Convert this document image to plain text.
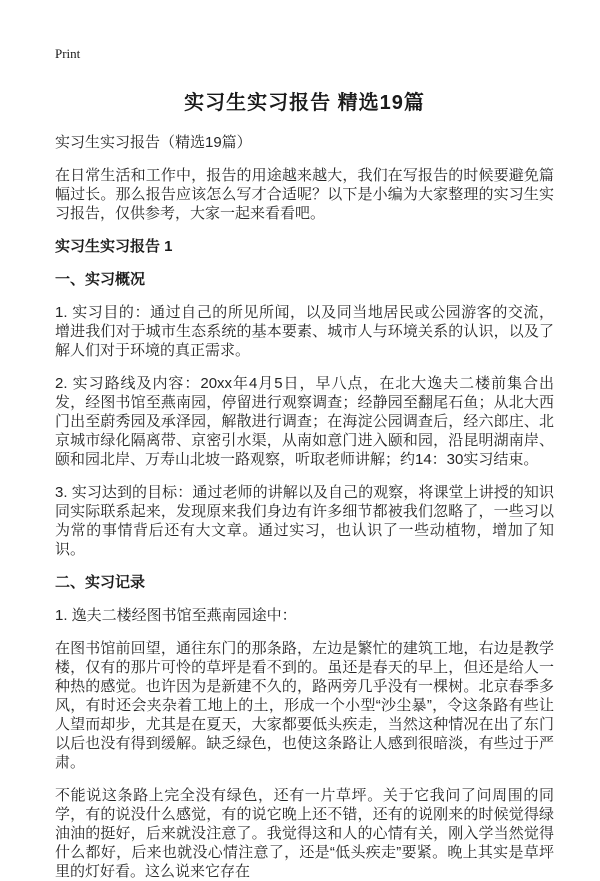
Print
实习生实习报告 精选19篇

实习生实习报告（精选19篇）

在日常生活和工作中，报告的用途越来越大，我们在写报告的时候要避免篇幅过长。那么报告应该怎么写才合适呢？以下是小编为大家整理的实习生实习报告，仅供参考，大家一起来看看吧。

实习生实习报告 1
一、实习概况

1. 实习目的：通过自己的所见所闻，以及同当地居民或公园游客的交流， 增进我们对于城市生态系统的基本要素、城市人与环境关系的认识，以及了解人们对于环境的真正需求。

2. 实习路线及内容：20xx年4月5日，早八点，在北大逸夫二楼前集合出发，经图书馆至燕南园，停留进行观察调查；经静园至翻尾石鱼；从北大西门出至蔚秀园及承泽园，解散进行调查；在海淀公园调查后，经六郎庄、北京城市绿化隔离带、京密引水渠，从南如意门进入颐和园，沿昆明湖南岸、颐和园北岸、万寿山北坡一路观察，听取老师讲解；约14：30实习结束。

3. 实习达到的目标：通过老师的讲解以及自己的观察，将课堂上讲授的知识同实际联系起来，发现原来我们身边有许多细节都被我们忽略了，一些习以为常的事情背后还有大文章。通过实习，也认识了一些动植物，增加了知识。

二、实习记录

1. 逸夫二楼经图书馆至燕南园途中：

在图书馆前回望，通往东门的那条路，左边是繁忙的建筑工地，右边是教学楼，仅有的那片可怜的草坪是看不到的。虽还是春天的早上，但还是给人一种热的感觉。也许因为是新建不久的，路两旁几乎没有一棵树。北京春季多风，有时还会夹杂着工地上的土，形成一个小型“沙尘暴”，令这条路有些让人望而却步，尤其是在夏天，大家都要低头疾走，当然这种情况在出了东门以后也没有得到缓解。缺乏绿色，也使这条路让人感到很暗淡，有些过于严肃。

不能说这条路上完全没有绿色，还有一片草坪。关于它我问了问周围的同学，有的说没什么感觉，有的说它晚上还不错，还有的说刚来的时候觉得绿油油的挺好，后来就没注意了。我觉得这和人的心情有关，刚入学当然觉得什么都好，后来也就没心情注意了，还是“低头疾走”要紧。晚上其实是草坪里的灯好看。这么说来它存在
